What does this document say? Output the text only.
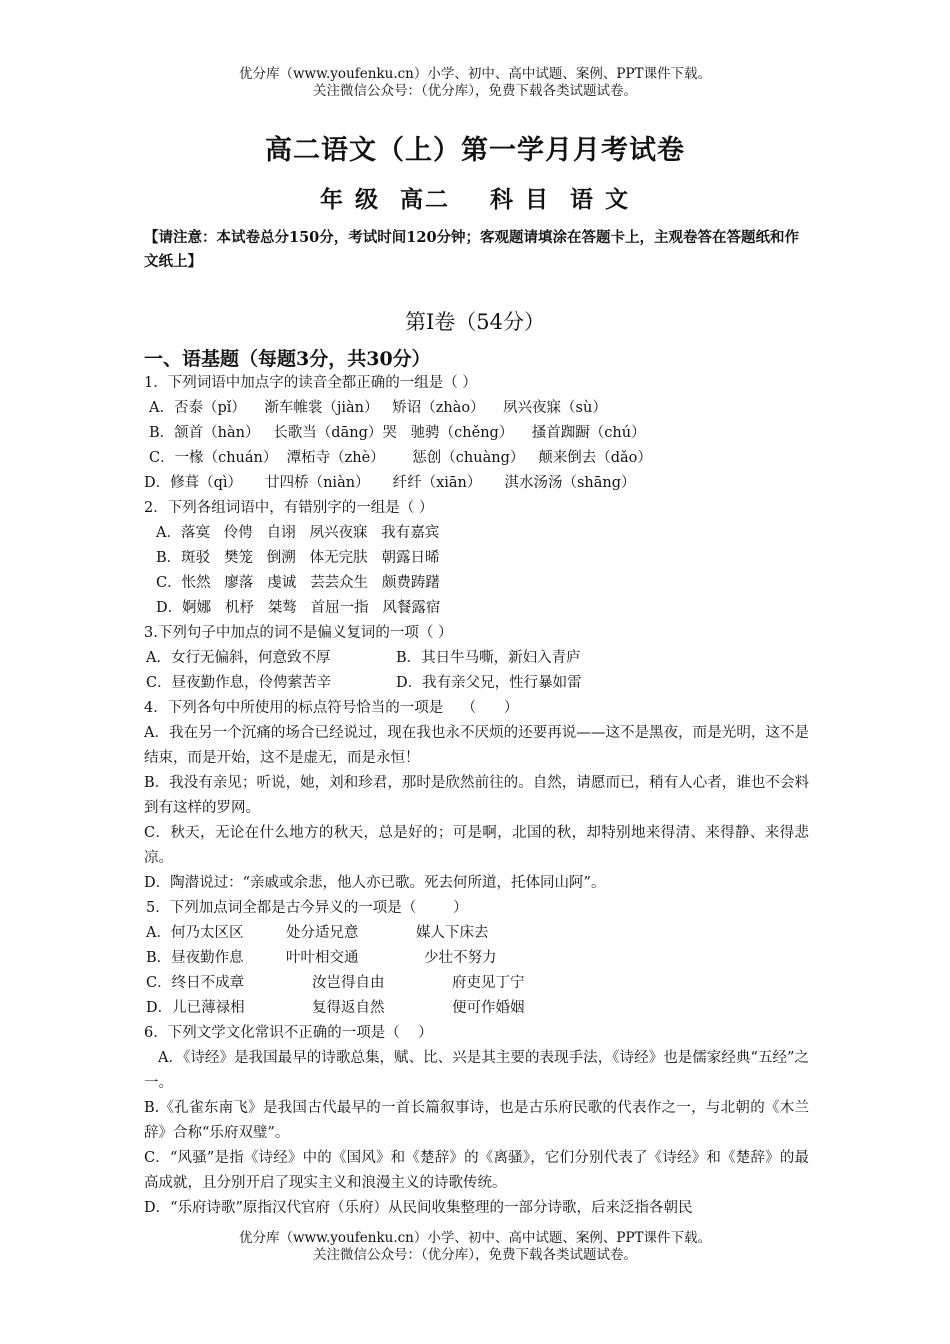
优分库（www.youfenku.cn）小学、初中、高中试题、案例、PPT课件下载。
关注微信公众号：（优分库），免费下载各类试题试卷。
高二语文（上）第一学月月考试卷
年 级  高二    科 目  语 文
【请注意：本试卷总分150分，考试时间120分钟；客观题请填涂在答题卡上，主观卷答在答题纸和作文纸上】
第Ⅰ卷（54分）
一、语基题（每题3分，共30分）
1．下列词语中加点字的读音全都正确的一组是（ ）
A．否泰（pǐ）    渐车帷裳（jiàn）   矫诏（zhào）    夙兴夜寐（sù）
B．颔首（hàn）   长歌当（dāng）哭   驰骋（chěng）    搔首踟蹰（chú）
C．一椽（chuán）  潭柘寺（zhè）      惩创（chuàng）   颠来倒去（dǎo）
D．修葺（qì）     廿四桥（niàn）     纤纤（xiān）     淇水汤汤（shāng）
2．下列各组词语中，有错别字的一组是（ ）
A．落寞   伶俜   自诩   夙兴夜寐   我有嘉宾
B．斑驳   樊笼   倒溯   体无完肤   朝露日晞
C．怅然   廖落   虔诚   芸芸众生   颇费踌躇
D．婀娜   机杼   桀骜   首屈一指   风餐露宿
3.下列句子中加点的词不是偏义复词的一项（ ）
A．女行无偏斜，何意致不厚	B．其日牛马嘶，新妇入青庐
C．昼夜勤作息，伶俜萦苦辛	D．我有亲父兄，性行暴如雷
4．下列各句中所使用的标点符号恰当的一项是    （      ）
A．我在另一个沉痛的场合已经说过，现在我也永不厌烦的还要再说——这不是黑夜，而是光明，这不是结束，而是开始，这不是虚无，而是永恒！
B．我没有亲见；听说，她，刘和珍君，那时是欣然前往的。自然，请愿而已，稍有人心者，谁也不会料到有这样的罗网。
C．秋天，无论在什么地方的秋天，总是好的；可是啊，北国的秋，却特别地来得清、来得静、来得悲凉。
D．陶潜说过：“亲戚或余悲，他人亦已歌。死去何所道，托体同山阿”。
5．下列加点词全都是古今异义的一项是（        ）
A．何乃太区区	处分适兄意	媒人下床去
B．昼夜勤作息	叶叶相交通	少壮不努力
C．终日不成章	汝岂得自由	府吏见丁宁
D．儿已薄禄相	复得返自然	便可作婚姻
6．下列文学文化常识不正确的一项是（    ）
A．《诗经》是我国最早的诗歌总集，赋、比、兴是其主要的表现手法，《诗经》也是儒家经典“五经”之一。
B.《孔雀东南飞》是我国古代最早的一首长篇叙事诗，也是古乐府民歌的代表作之一，与北朝的《木兰辞》合称“乐府双璧”。
C．“风骚”是指《诗经》中的《国风》和《楚辞》的《离骚》，它们分别代表了《诗经》和《楚辞》的最高成就，且分别开启了现实主义和浪漫主义的诗歌传统。
D．“乐府诗歌”原指汉代官府（乐府）从民间收集整理的一部分诗歌，后来泛指各朝民
优分库（www.youfenku.cn）小学、初中、高中试题、案例、PPT课件下载。
关注微信公众号：（优分库），免费下载各类试题试卷。
